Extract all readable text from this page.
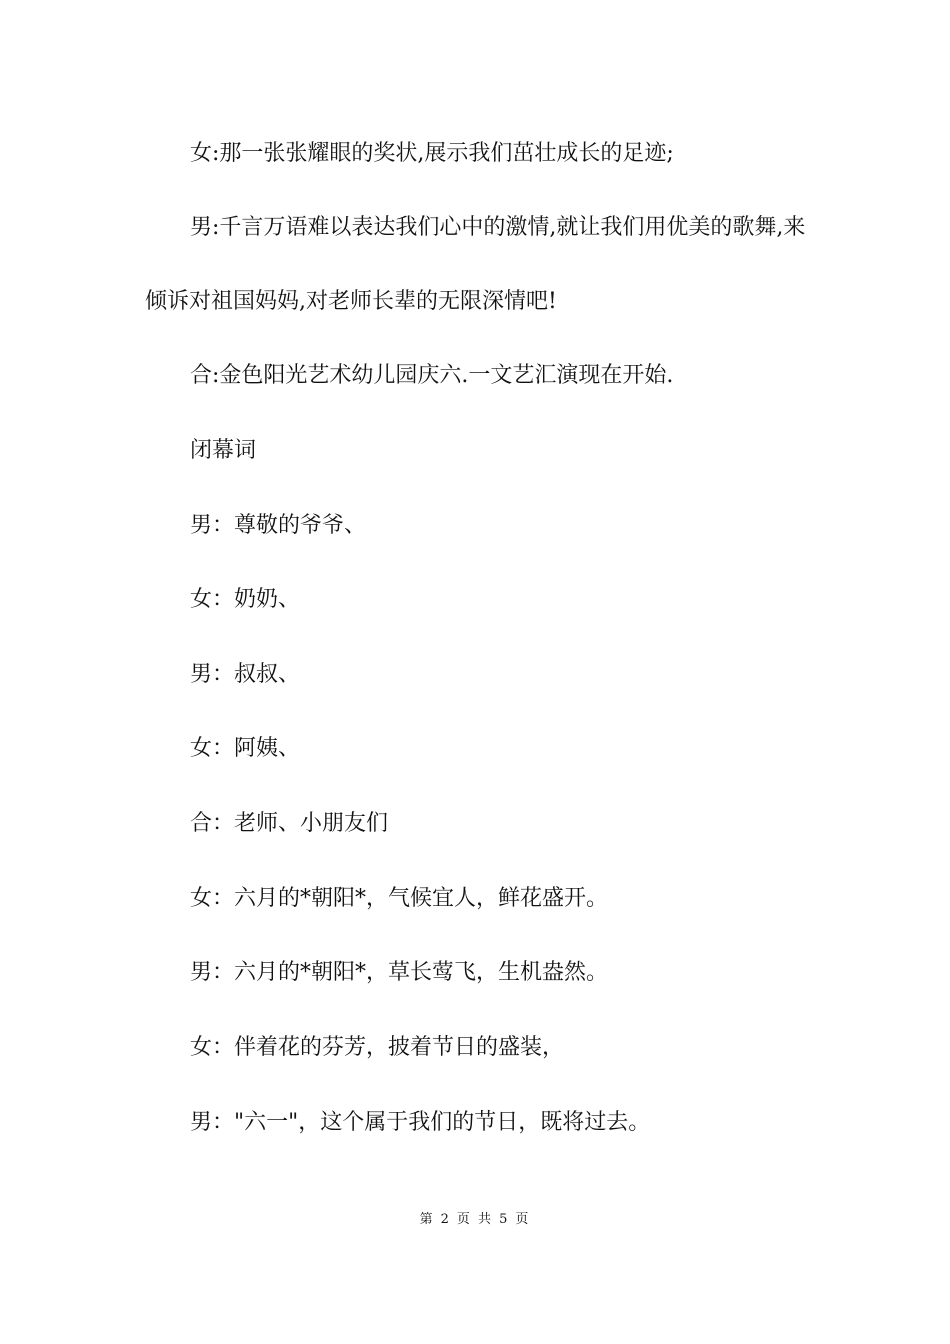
女:那一张张耀眼的奖状,展示我们茁壮成长的足迹;

男:千言万语难以表达我们心中的激情,就让我们用优美的歌舞,来倾诉对祖国妈妈,对老师长辈的无限深情吧!

合:金色阳光艺术幼儿园庆六.一文艺汇演现在开始.

闭幕词

男：尊敬的爷爷、

女：奶奶、

男：叔叔、

女：阿姨、

合：老师、小朋友们

女：六月的*朝阳*，气候宜人，鲜花盛开。

男：六月的*朝阳*，草长莺飞，生机盎然。

女：伴着花的芬芳，披着节日的盛装，

男："六一"，这个属于我们的节日，既将过去。

第 2 页 共 5 页
